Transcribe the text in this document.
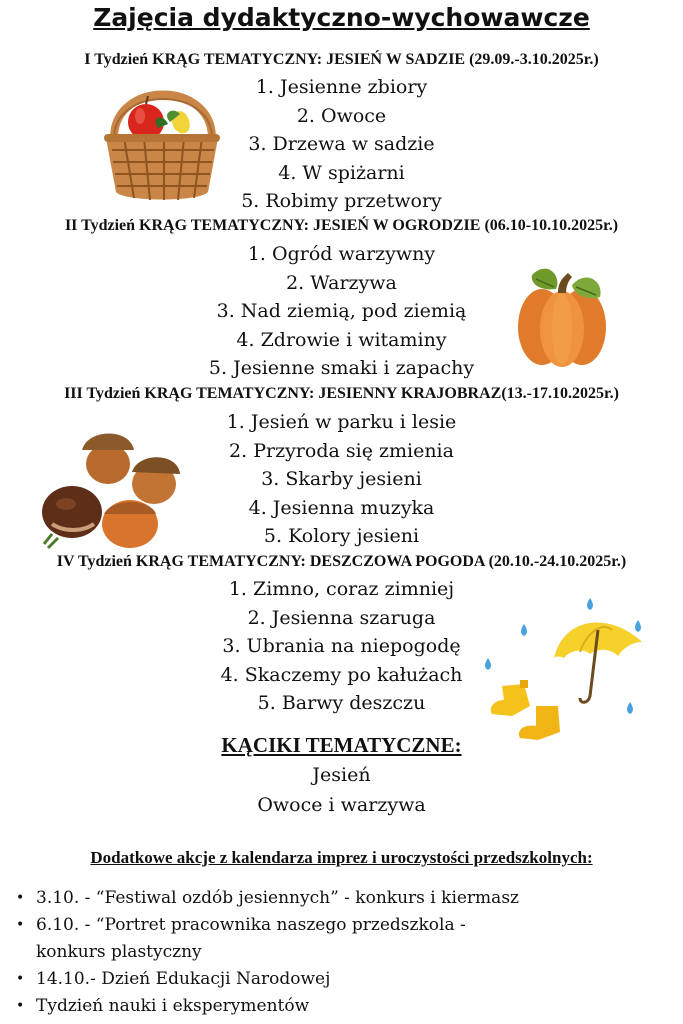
Zajęcia dydaktyczno-wychowawcze
I Tydzień KRĄG TEMATYCZNY: JESIEŃ W SADZIE (29.09.-3.10.2025r.)
1. Jesienne zbiory
2. Owoce
3. Drzewa w sadzie
4. W spiżarni
5. Robimy przetwory
II Tydzień KRĄG TEMATYCZNY: JESIEŃ W OGRODZIE (06.10-10.10.2025r.)
1. Ogród warzywny
2. Warzywa
3. Nad ziemią, pod ziemią
4. Zdrowie i witaminy
5. Jesienne smaki i zapachy
III Tydzień KRĄG TEMATYCZNY: JESIENNY KRAJOBRAZ(13.-17.10.2025r.)
1. Jesień w parku i lesie
2. Przyroda się zmienia
3. Skarby jesieni
4. Jesienna muzyka
5. Kolory jesieni
IV Tydzień KRĄG TEMATYCZNY: DESZCZOWA POGODA (20.10.-24.10.2025r.)
1. Zimno, coraz zimniej
2. Jesienna szaruga
3. Ubrania na niepogodę
4. Skaczemy po kałużach
5. Barwy deszczu
KĄCIKI TEMATYCZNE:
Jesień
Owoce i warzywa
Dodatkowe akcje z kalendarza imprez i uroczystości przedszkolnych:
• 3.10. - “Festiwal ozdób jesiennych” - konkurs i kiermasz
• 6.10. - “Portret pracownika naszego przedszkola -
konkurs plastyczny
• 14.10.- Dzień Edukacji Narodowej
• Tydzień nauki i eksperymentów
